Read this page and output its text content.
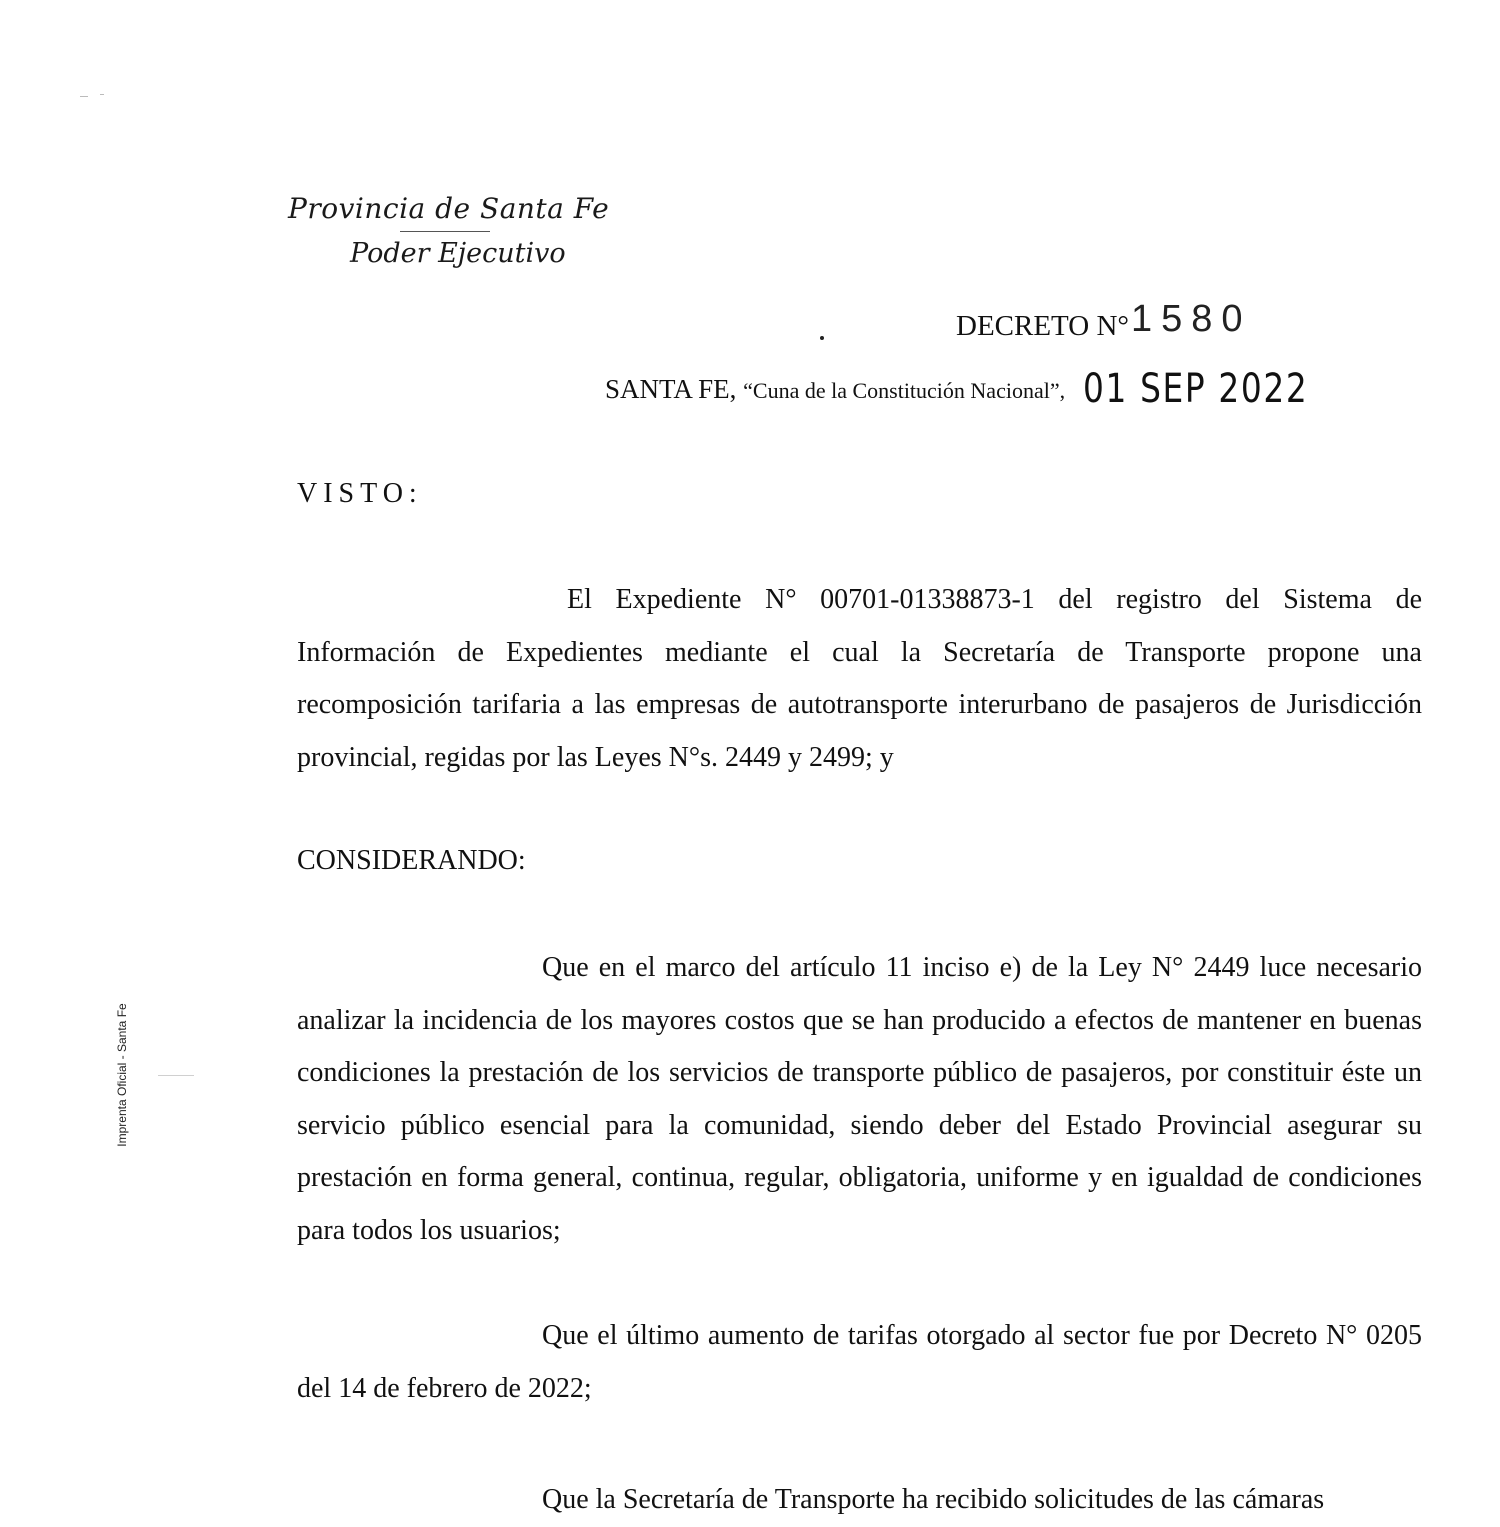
Provincia de Santa Fe
Poder Ejecutivo
DECRETO N°1580
SANTA FE, “Cuna de la Constitución Nacional”, 01 SEP 2022
VISTO:

El Expediente N° 00701-01338873-1 del registro del Sistema de Información de Expedientes mediante el cual la Secretaría de Transporte propone una recomposición tarifaria a las empresas de autotransporte interurbano de pasajeros de Jurisdicción provincial, regidas por las Leyes N°s. 2449 y 2499; y

CONSIDERANDO:

Que en el marco del artículo 11 inciso e) de la Ley N° 2449 luce necesario analizar la incidencia de los mayores costos que se han producido a efectos de mantener en buenas condiciones la prestación de los servicios de transporte público de pasajeros, por constituir éste un servicio público esencial para la comunidad, siendo deber del Estado Provincial asegurar su prestación en forma general, continua, regular, obligatoria, uniforme y en igualdad de condiciones para todos los usuarios;

Que el último aumento de tarifas otorgado al sector fue por Decreto N° 0205 del 14 de febrero de 2022;

Que la Secretaría de Transporte ha recibido solicitudes de las cámaras

Imprenta Oficial - Santa Fe
